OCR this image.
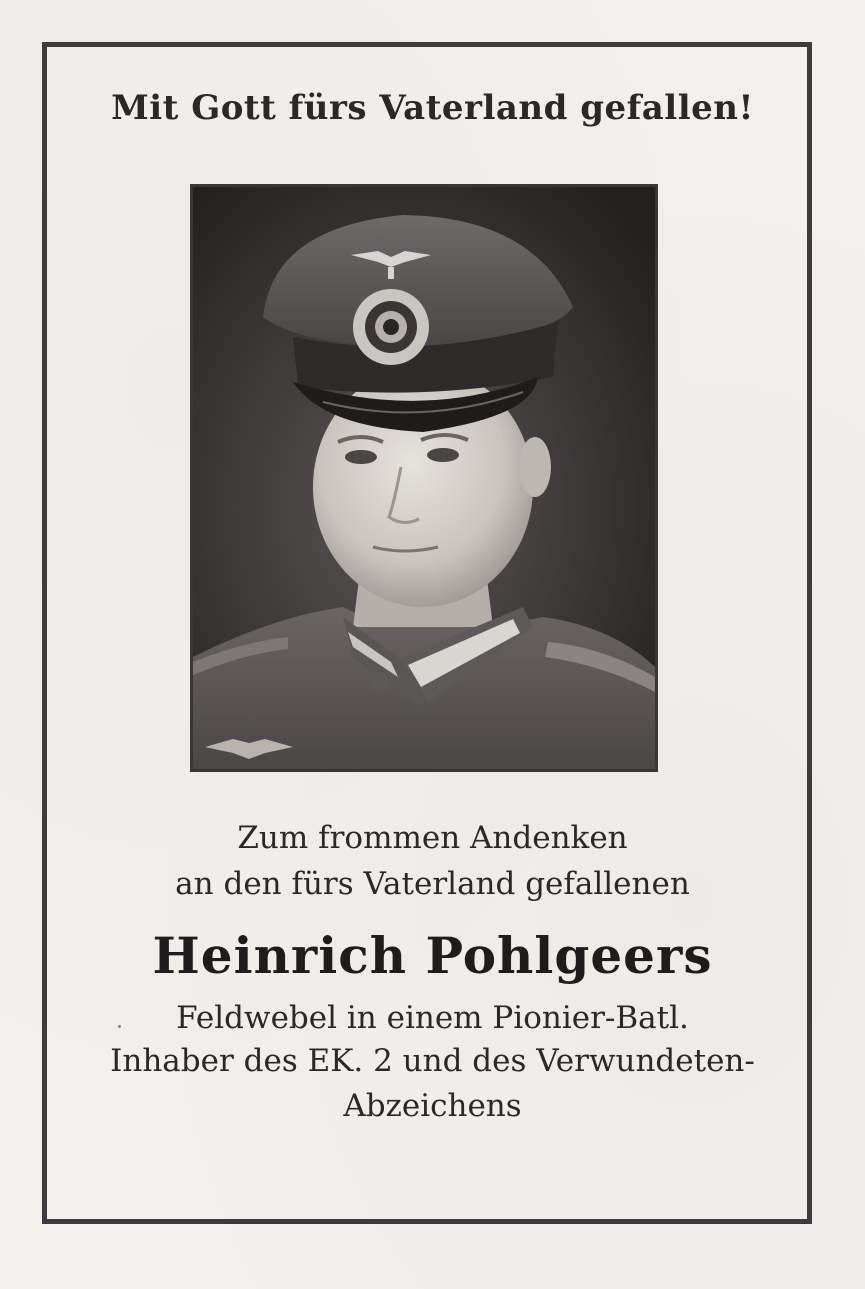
Mit Gott fürs Vaterland gefallen!
Zum frommen Andenken
an den fürs Vaterland gefallenen
Heinrich Pohlgeers
Feldwebel in einem Pionier-Batl.
Inhaber des EK. 2 und des Verwundeten-
Abzeichens
